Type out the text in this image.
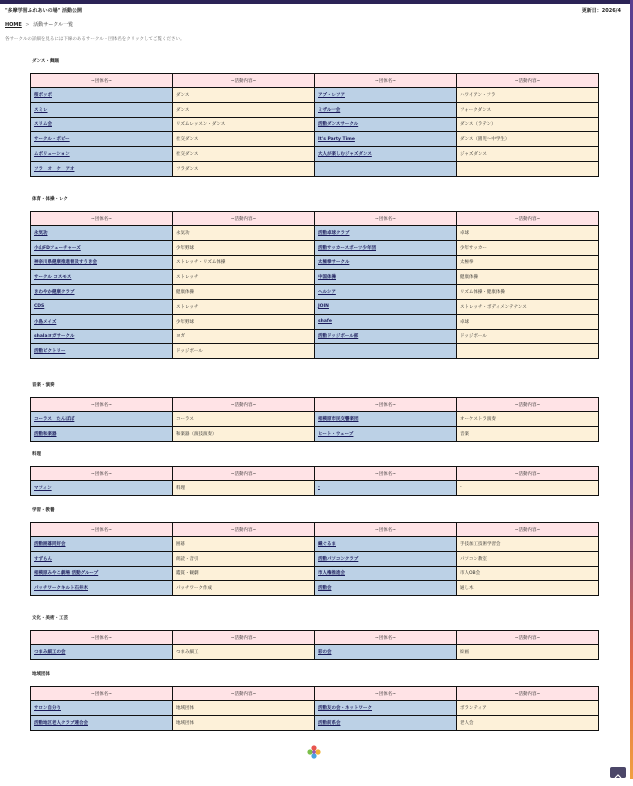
"多摩学習ふれあいの場" 活動公開	更新日：2026/4
HOME > 活動サークル一覧
各サークルの詳細を見るには下線のあるサークル・団体名をクリックしてご覧ください。
ダンス・舞踊
~団体名~	~活動内容~	~団体名~	~活動内容~
桜ボッポ	ダンス	アブ・レフア	ハワイアン・フラ
スミレ	ダンス	ミザル一会	フォークダンス
スリム会	リズムレッスン・ダンス	活動ダンスサークル	ダンス（ラテン）
サークル・ポピー	社交ダンス	It's Party Time	ダンス（園児～中学生）
ムボリューション	社交ダンス	大人が楽しむジャズダンス	ジャズダンス
フラ　オ　ケ　アオ	フラダンス		
体育・体操・レク
~団体名~	~活動内容~	~団体名~	~活動内容~
永気功	永気功	活動卓球クラブ	卓球
小山FDフューチャーズ	少年野球	活動サッカースポーツ少年団	少年サッカー
神奈川県健康推進普及すうき会	ストレッチ・リズム体操	太極拳サークル	太極拳
サークル コスモス	ストレッチ	中国体操	健康体操
きわやか健康クラブ	健康体操	ヘルシア	リズム体操・健康体操
CDS	ストレッチ	JOIN	ストレッチ・ボディメンテナンス
小島メイズ	少年野球	shafe	卓球
shalaヨガサークル	ヨガ	活動ドッジボール部	ドッジボール
活動ビクトリー	ドッジボール		
音楽・演奏
~団体名~	~活動内容~	~団体名~	~活動内容~
コーラス　たんぽぽ	コーラス	相模原市民交響楽団	オーケストラ演奏
活動和楽器	和楽器（演技演奏）	ヒート・ウェーブ	音楽
料理
~団体名~	~活動内容~	~団体名~	~活動内容~
マフィン	料理	-	-
学習・教養
~団体名~	~活動内容~	~団体名~	~活動内容~
活動囲碁同好会	囲碁	織ぐるま	手技加工技術学習会
すずらん	朗読・音引	活動パソコンクラブ	パソコン教室
相模原みやこ劇場 活動グループ	鑑賞・観劇	市人権推進会	市人OB会
パッチワークキルト石井木	パッチワーク作成	活動会	通し木
文化・美術・工芸
~団体名~	~活動内容~	~団体名~	~活動内容~
つまみ細工の会	つまみ細工	彩の会	絵画
地域団体
~団体名~	~活動内容~	~団体名~	~活動内容~
サロン自分り	地域団体	活動友の会・ネットワーク	ボランティア
活動地区老人クラブ連合会	地域団体	活動前系会	老人会
